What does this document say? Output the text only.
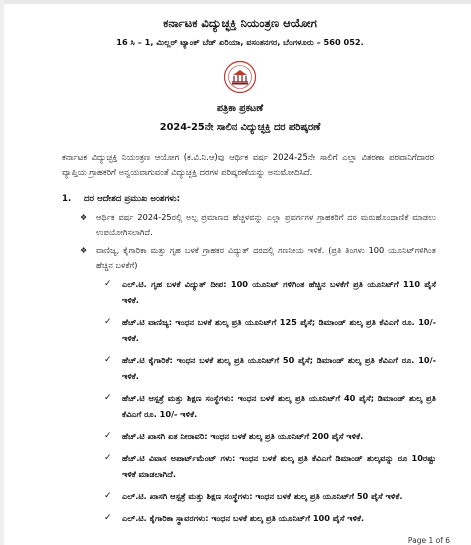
ಕರ್ನಾಟಕ ವಿದ್ಯುಚ್ಛಕ್ತಿ ನಿಯಂತ್ರಣ ಆಯೋಗ
16 ಸಿ – 1, ಮಿಲ್ಲರ್ ಟ್ಯಾಂಕ್ ಬೆಡ್ ಏರಿಯಾ, ವಸಂತನಗರ, ಬೆಂಗಳೂರು – 560 052.
ಪತ್ರಿಕಾ ಪ್ರಕಟಣೆ
2024-25ನೇ ಸಾಲಿನ ವಿದ್ಯುಚ್ಛಕ್ತಿ ದರ ಪರಿಷ್ಕರಣೆ

ಕರ್ನಾಟಕ ವಿದ್ಯುಚ್ಛಕ್ತಿ ನಿಯಂತ್ರಣ ಆಯೋಗ (ಕ.ವಿ.ನಿ.ಆ)ವು ಆರ್ಥಿಕ ವರ್ಷ 2024-25ನೇ ಸಾಲಿಗೆ ಎಲ್ಲಾ ವಿತರಣಾ ಪರವಾನಿಗೆದಾರರ ವ್ಯಾಪ್ತಿಯ ಗ್ರಾಹಕರಿಗೆ ಅನ್ವಯವಾಗುವಂತೆ ವಿದ್ಯುಚ್ಛಕ್ತಿ ದರಗಳ ಪರಿಷ್ಕರಣೆಯನ್ನು ಅನುಮೋದಿಸಿದೆ.

1.	ದರ ಆದೇಶದ ಪ್ರಮುಖ ಅಂಶಗಳು:
❖	ಆರ್ಥಿಕ ವರ್ಷ 2024-25ರಲ್ಲಿ ಅಲ್ಪ ಪ್ರಮಾಣದ ಹೆಚ್ಚಳವನ್ನು ಎಲ್ಲಾ ಪ್ರವರ್ಗಗಳ ಗ್ರಾಹಕರಿಗೆ ದರ ಮರುಹೊಂದಾಣಿಕೆ ಮಾಡಲು ಉಪಯೋಗಿಸಲಾಗಿದೆ.
❖	ವಾಣಿಜ್ಯ, ಕೈಗಾರಿಕಾ ಮತ್ತು ಗೃಹ ಬಳಕೆ ಗ್ರಾಹಕರ ವಿದ್ಯುತ್ ದರದಲ್ಲಿ ಗಣನೀಯ ಇಳಿಕೆ. (ಪ್ರತಿ ತಿಂಗಳು 100 ಯೂನಿಟ್‌ಗಳಿಗಿಂತ ಹೆಚ್ಚಿನ ಬಳಕೆಗೆ)
✓	ಎಲ್.ಟಿ. ಗೃಹ ಬಳಕೆ ವಿದ್ಯುತ್ ದೀಪ: 100 ಯೂನಿಟ್ ಗಳಿಗಿಂತ ಹೆಚ್ಚಿನ ಬಳಕೆಗೆ ಪ್ರತಿ ಯೂನಿಟ್‌ಗೆ 110 ಪೈಸೆ ಇಳಿಕೆ.
✓	ಹೆಚ್.ಟಿ ವಾಣಿಜ್ಯ: ಇಂಧನ ಬಳಕೆ ಶುಲ್ಕ ಪ್ರತಿ ಯೂನಿಟ್‌ಗೆ 125 ಪೈಸೆ; ಡಿಮಾಂಡ್ ಶುಲ್ಕ ಪ್ರತಿ ಕೆವಿಎಗೆ ರೂ. 10/- ಇಳಿಕೆ.
✓	ಹೆಚ್.ಟಿ ಕೈಗಾರಿಕೆ: ಇಂಧನ ಬಳಕೆ ಶುಲ್ಕ ಪ್ರತಿ ಯೂನಿಟ್‌ಗೆ 50 ಪೈಸೆ; ಡಿಮಾಂಡ್ ಶುಲ್ಕ ಪ್ರತಿ ಕೆವಿಎಗೆ ರೂ. 10/- ಇಳಿಕೆ.
✓	ಹೆಚ್.ಟಿ ಆಸ್ಪತ್ರೆ ಮತ್ತು ಶಿಕ್ಷಣ ಸಂಸ್ಥೆಗಳು: ಇಂಧನ ಬಳಕೆ ಶುಲ್ಕ ಪ್ರತಿ ಯೂನಿಟ್‌ಗೆ 40 ಪೈಸೆ; ಡಿಮಾಂಡ್ ಶುಲ್ಕ ಪ್ರತಿ ಕೆವಿಎಗೆ ರೂ. 10/- ಇಳಿಕೆ.
✓	ಹೆಚ್.ಟಿ ಖಾಸಗಿ ಏತ ನೀರಾವರಿ: ಇಂಧನ ಬಳಕೆ ಶುಲ್ಕ ಪ್ರತಿ ಯೂನಿಟ್‌ಗೆ 200 ಪೈಸೆ ಇಳಿಕೆ.
✓	ಹೆಚ್.ಟಿ ವಿವಾಸ ಅಪಾರ್ಟ್‌ಮೆಂಟ್ ಗಳು: ಇಂಧನ ಬಳಕೆ ಶುಲ್ಕ ಪ್ರತಿ ಕೆವಿಎಗೆ ಡಿಮಾಂಡ್ ಶುಲ್ಕವನ್ನು ರೂ 10ರಷ್ಟು ಇಳಿಕೆ ಮಾಡಲಾಗಿದೆ.
✓	ಎಲ್.ಟಿ. ಖಾಸಗಿ ಆಸ್ಪತ್ರೆ ಮತ್ತು ಶಿಕ್ಷಣ ಸಂಸ್ಥೆಗಳು: ಇಂಧನ ಬಳಕೆ ಶುಲ್ಕ ಪ್ರತಿ ಯೂನಿಟ್‌ಗೆ 50 ಪೈಸೆ ಇಳಿಕೆ.
✓	ಎಲ್.ಟಿ. ಕೈಗಾರಿಕಾ ಸ್ಥಾವರಗಳು: ಇಂಧನ ಬಳಕೆ ಶುಲ್ಕ ಪ್ರತಿ ಯೂನಿಟ್‌ಗೆ 100 ಪೈಸೆ ಇಳಿಕೆ.
Page 1 of 6
